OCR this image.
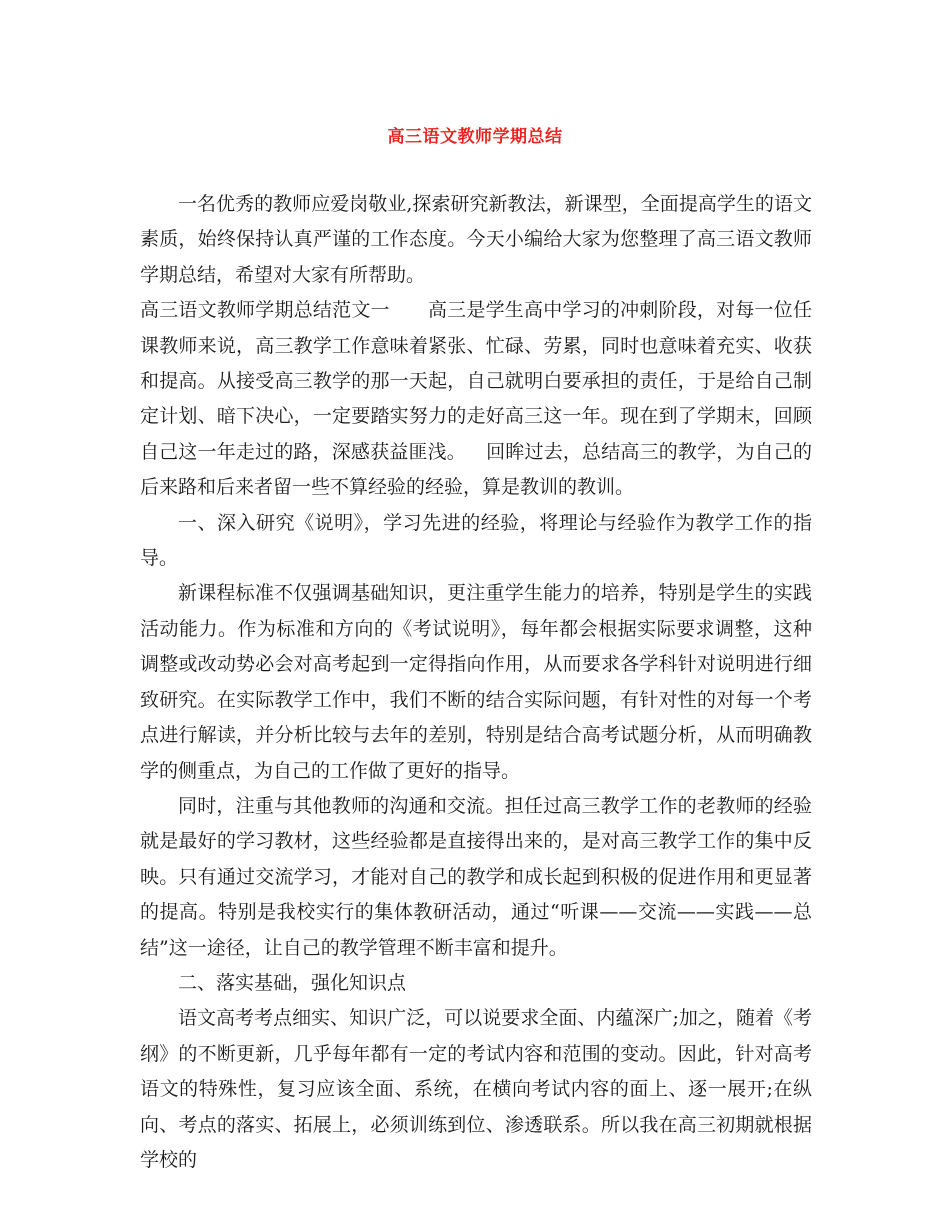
高三语文教师学期总结

一名优秀的教师应爱岗敬业,探索研究新教法，新课型，全面提高学生的语文素质，始终保持认真严谨的工作态度。今天小编给大家为您整理了高三语文教师学期总结，希望对大家有所帮助。

高三语文教师学期总结范文一 高三是学生高中学习的冲刺阶段，对每一位任课教师来说，高三教学工作意味着紧张、忙碌、劳累，同时也意味着充实、收获和提高。从接受高三教学的那一天起，自己就明白要承担的责任，于是给自己制定计划、暗下决心，一定要踏实努力的走好高三这一年。现在到了学期末，回顾自己这一年走过的路，深感获益匪浅。 回眸过去，总结高三的教学，为自己的后来路和后来者留一些不算经验的经验，算是教训的教训。

一、深入研究《说明》，学习先进的经验，将理论与经验作为教学工作的指导。

新课程标准不仅强调基础知识，更注重学生能力的培养，特别是学生的实践活动能力。作为标准和方向的《考试说明》，每年都会根据实际要求调整，这种调整或改动势必会对高考起到一定得指向作用，从而要求各学科针对说明进行细致研究。在实际教学工作中，我们不断的结合实际问题，有针对性的对每一个考点进行解读，并分析比较与去年的差别，特别是结合高考试题分析，从而明确教学的侧重点，为自己的工作做了更好的指导。

同时，注重与其他教师的沟通和交流。担任过高三教学工作的老教师的经验就是最好的学习教材，这些经验都是直接得出来的，是对高三教学工作的集中反映。只有通过交流学习，才能对自己的教学和成长起到积极的促进作用和更显著的提高。特别是我校实行的集体教研活动，通过“听课——交流——实践——总结”这一途径，让自己的教学管理不断丰富和提升。

二、落实基础，强化知识点

语文高考考点细实、知识广泛，可以说要求全面、内蕴深广;加之，随着《考纲》的不断更新，几乎每年都有一定的考试内容和范围的变动。因此，针对高考语文的特殊性，复习应该全面、系统，在横向考试内容的面上、逐一展开;在纵向、考点的落实、拓展上，必须训练到位、渗透联系。所以我在高三初期就根据学校的
